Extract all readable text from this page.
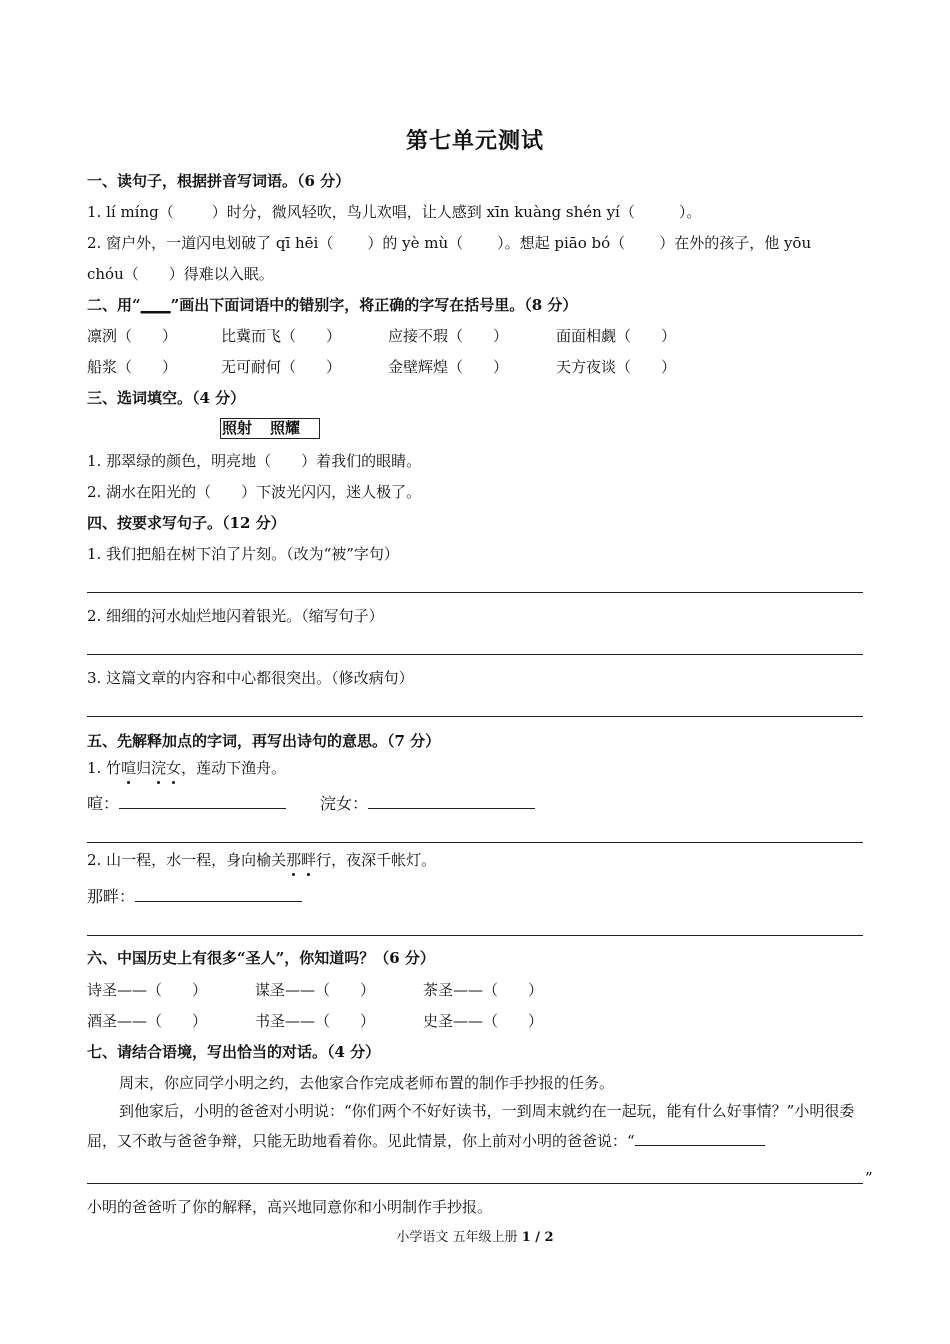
第七单元测试
一、读句子，根据拼音写词语。（6 分）
1. lí míng（	）时分，微风轻吹，鸟儿欢唱，让人感到 xīn kuàng shén yí（	）。
2. 窗户外，一道闪电划破了 qī hēi（ ）的 yè mù（ ）。想起 piāo bó（ ）在外的孩子，他 yōu
chóu（ ）得难以入眠。
二、用“____”画出下面词语中的错别字，将正确的字写在括号里。（8 分）
凛洌（　　）	比冀而飞（　　）	应接不瑕（　　）	面面相觑（　　）
船浆（　　）	无可耐何（　　）	金壁辉煌（　　）	天方夜谈（　　）
三、选词填空。（4 分）
照射 照耀
1. 那翠绿的颜色，明亮地（　　）着我们的眼睛。
2. 湖水在阳光的（　　）下波光闪闪，迷人极了。
四、按要求写句子。（12 分）
1. 我们把船在树下泊了片刻。（改为“被”字句）
2. 细细的河水灿烂地闪着银光。（缩写句子）
3. 这篇文章的内容和中心都很突出。（修改病句）
五、先解释加点的字词，再写出诗句的意思。（7 分）
1. 竹喧归浣女，莲动下渔舟。
喧：	浣女：
2. 山一程，水一程，身向榆关那畔行，夜深千帐灯。
那畔：
六、中国历史上有很多“圣人”，你知道吗？（6 分）
诗圣——（　　）	谋圣——（　　）	茶圣——（　　）
酒圣——（　　）	书圣——（　　）	史圣——（　　）
七、请结合语境，写出恰当的对话。（4 分）
周末，你应同学小明之约，去他家合作完成老师布置的制作手抄报的任务。
到他家后，小明的爸爸对小明说：“你们两个不好好读书，一到周末就约在一起玩，能有什么好事情？”小明很委屈，又不敢与爸爸争辩，只能无助地看着你。见此情景，你上前对小明的爸爸说：“
”
小明的爸爸听了你的解释，高兴地同意你和小明制作手抄报。
小学语文 五年级上册 1 / 2
